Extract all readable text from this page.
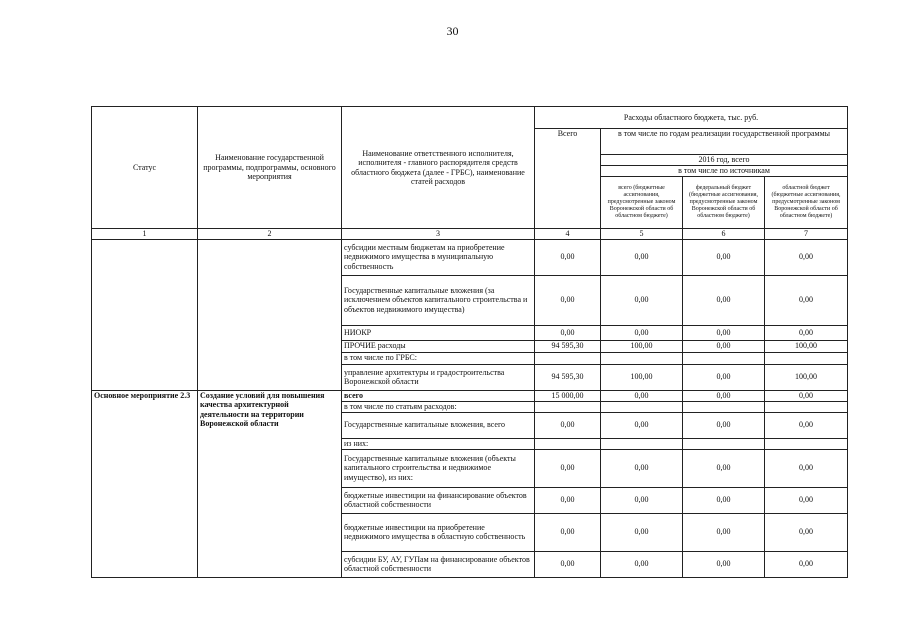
30
Статус	Наименование государственной программы, подпрограммы, основного мероприятия	Наименование ответственного исполнителя, исполнителя - главного распорядителя средств областного бюджета (далее - ГРБС), наименование статей расходов	Расходы областного бюджета, тыс. руб.			
			Всего	в том числе по годам реализации государственной программы		
				2016 год, всего		
				в том числе по источникам		
				всего (бюджетные ассигнования, предусмотренные законом Воронежской области об областном бюджете)	федеральный бюджет (бюджетные ассигнования, предусмотренные законом Воронежской области об областном бюджете)	областной бюджет (бюджетные ассигнования, предусмотренные законом Воронежской области об областном бюджете)
1	2	3	4	5	6	7
		субсидии местным бюджетам на приобретение недвижимого имущества в муниципальную собственность	0,00	0,00	0,00	0,00
		Государственные капитальные вложения (за исключением объектов капитального строительства и объектов недвижимого имущества)	0,00	0,00	0,00	0,00
		НИОКР	0,00	0,00	0,00	0,00
		ПРОЧИЕ расходы	94 595,30	100,00	0,00	100,00
		в том числе по ГРБС:				
		управление архитектуры и градостроительства Воронежской области	94 595,30	100,00	0,00	100,00
Основное мероприятие 2.3	Создание условий для повышения качества архитектурной деятельности на территории Воронежской области	всего	15 000,00	0,00	0,00	0,00
		в том числе по статьям расходов:				
		Государственные капитальные вложения, всего	0,00	0,00	0,00	0,00
		из них:				
		Государственные капитальные вложения (объекты капитального строительства и недвижимое имущество), из них:	0,00	0,00	0,00	0,00
		бюджетные инвестиции на финансирование объектов областной собственности	0,00	0,00	0,00	0,00
		бюджетные инвестиции на приобретение недвижимого имущества в областную собственность	0,00	0,00	0,00	0,00
		субсидии БУ, АУ, ГУПам на финансирование объектов областной собственности	0,00	0,00	0,00	0,00
